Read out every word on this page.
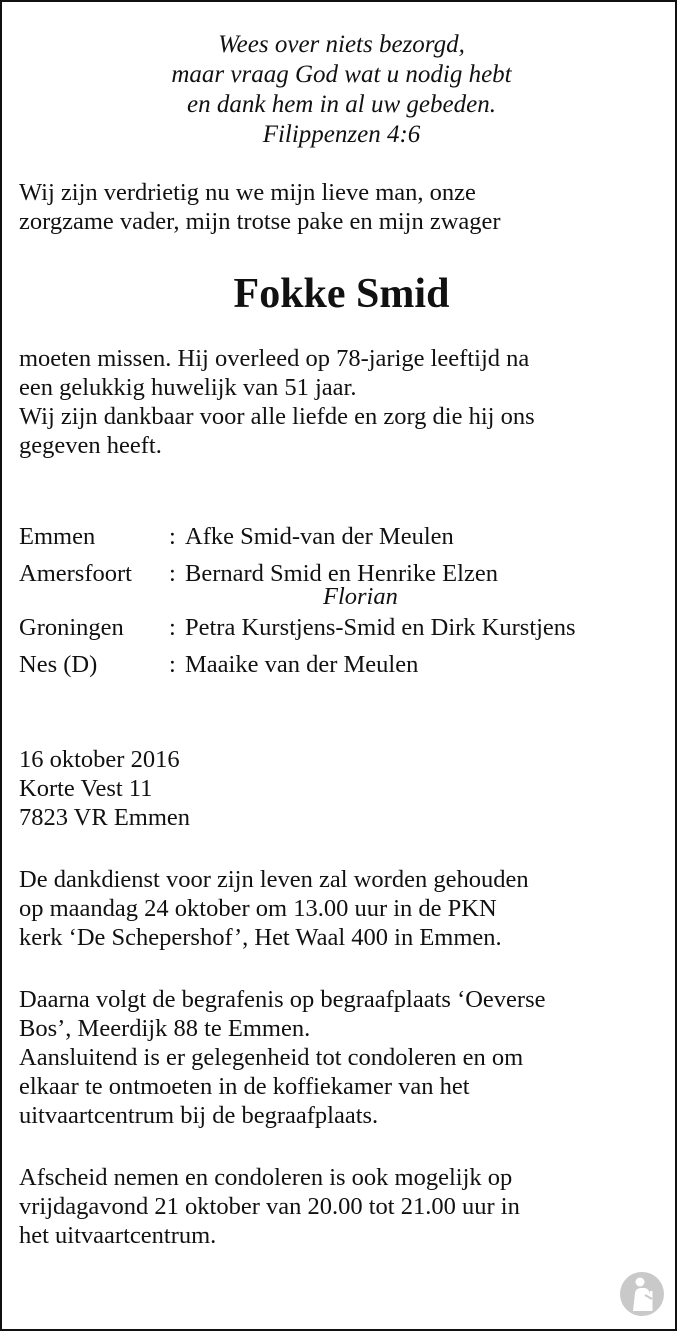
Wees over niets bezorgd,
maar vraag God wat u nodig hebt
en dank hem in al uw gebeden.
Filippenzen 4:6
Wij zijn verdrietig nu we mijn lieve man, onze
zorgzame vader, mijn trotse pake en mijn zwager
Fokke Smid
moeten missen. Hij overleed op 78-jarige leeftijd na
een gelukkig huwelijk van 51 jaar.
Wij zijn dankbaar voor alle liefde en zorg die hij ons
gegeven heeft.
Emmen	: Afke Smid-van der Meulen
Amersfoort	: Bernard Smid en Henrike Elzen
Florian
Groningen	: Petra Kurstjens-Smid en Dirk Kurstjens
Nes (D)	: Maaike van der Meulen
16 oktober 2016
Korte Vest 11
7823 VR Emmen
De dankdienst voor zijn leven zal worden gehouden
op maandag 24 oktober om 13.00 uur in de PKN
kerk ‘De Schepershof’, Het Waal 400 in Emmen.
Daarna volgt de begrafenis op begraafplaats ‘Oeverse
Bos’, Meerdijk 88 te Emmen.
Aansluitend is er gelegenheid tot condoleren en om
elkaar te ontmoeten in de koffiekamer van het
uitvaartcentrum bij de begraafplaats.
Afscheid nemen en condoleren is ook mogelijk op
vrijdagavond 21 oktober van 20.00 tot 21.00 uur in
het uitvaartcentrum.
